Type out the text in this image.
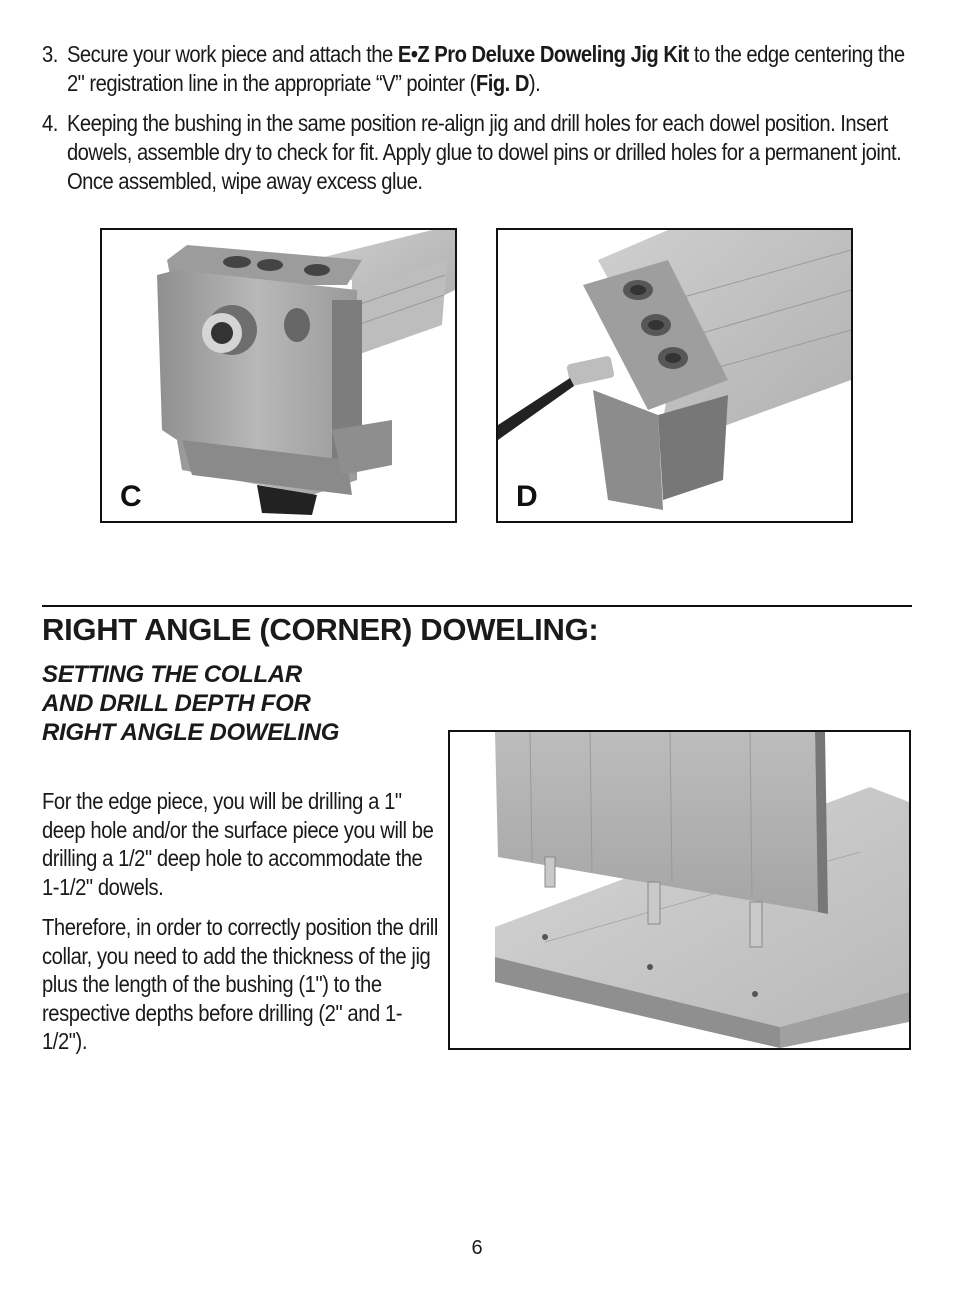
3. Secure your work piece and attach the E•Z Pro Deluxe Doweling Jig Kit to the edge centering the 2" registration line in the appropriate “V” pointer (Fig. D).
4. Keeping the bushing in the same position re-align jig and drill holes for each dowel position. Insert dowels, assemble dry to check for fit. Apply glue to dowel pins or drilled holes for a permanent joint. Once assembled, wipe away excess glue.
C	D
RIGHT ANGLE (CORNER) DOWELING:
SETTING THE COLLAR AND DRILL DEPTH FOR RIGHT ANGLE DOWELING
For the edge piece, you will be drilling a 1" deep hole and/or the surface piece you will be drilling a 1/2" deep hole to accommodate the 1-1/2" dowels.
Therefore, in order to correctly position the drill collar, you need to add the thickness of the jig plus the length of the bushing (1") to the respective depths before drilling (2" and 1-1/2").
6
